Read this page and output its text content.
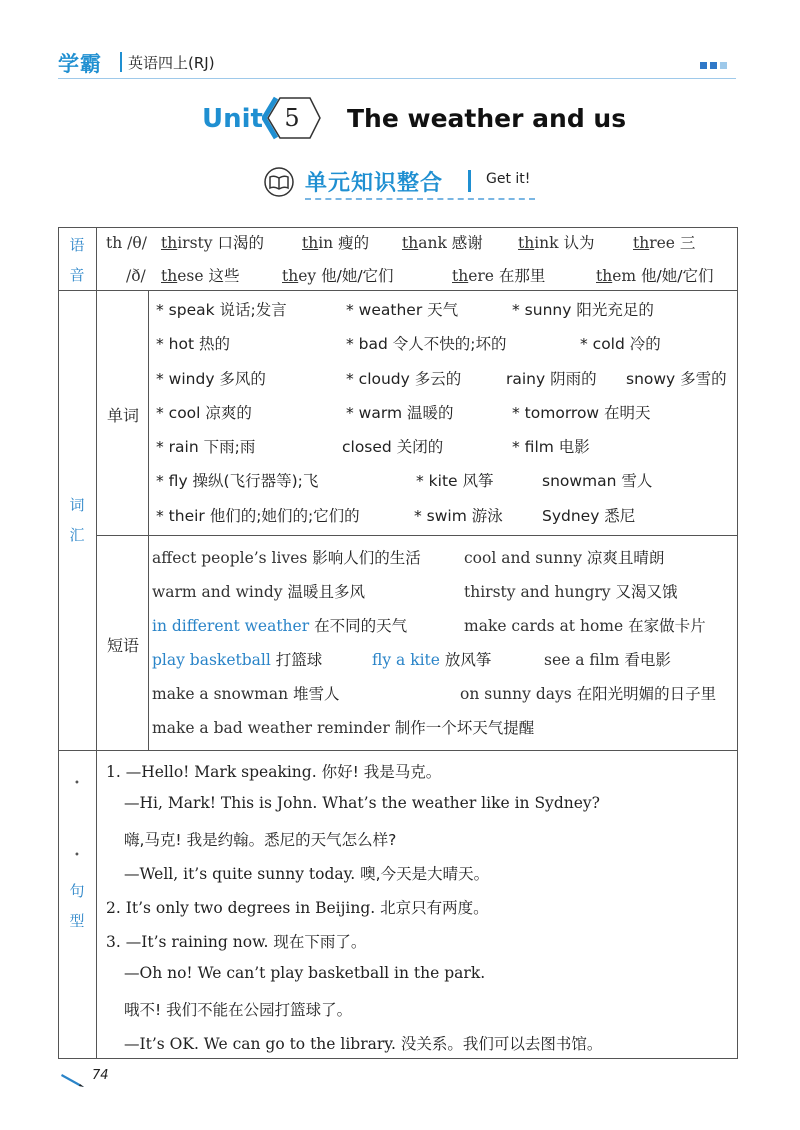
学霸 英语四上(RJ)
Unit 5 The weather and us
单元知识整合	Get it!
语
音
th /θ/ thirsty 口渴的 thin 瘦的 thank 感谢 think 认为 three 三
/ð/ these 这些	they 他/她/它们	there 在那里	them 他/她/它们
词
汇
单词
短语
* speak 说话;发言	* weather 天气	* sunny 阳光充足的
* hot 热的	* bad 令人不快的;坏的	* cold 冷的
* windy 多风的	* cloudy 多云的	rainy 阴雨的 snowy 多雪的
* cool 凉爽的	* warm 温暖的	* tomorrow 在明天
* rain 下雨;雨	closed 关闭的	* film 电影
* fly 操纵(飞行器等);飞	* kite 风筝	snowman 雪人
* their 他们的;她们的;它们的	* swim 游泳	Sydney 悉尼
affect people’s lives 影响人们的生活	cool and sunny 凉爽且晴朗
warm and windy 温暖且多风	thirsty and hungry 又渴又饿
in different weather 在不同的天气	make cards at home 在家做卡片
play basketball 打篮球	fly a kite 放风筝	see a film 看电影
make a snowman 堆雪人	on sunny days 在阳光明媚的日子里
make a bad weather reminder 制作一个坏天气提醒
•
•
句
型
1. —Hello! Mark speaking. 你好! 我是马克。
—Hi, Mark! This is John. What’s the weather like in Sydney?
嗨,马克! 我是约翰。悉尼的天气怎么样?
—Well, it’s quite sunny today. 噢,今天是大晴天。
2. It’s only two degrees in Beijing. 北京只有两度。
3. —It’s raining now. 现在下雨了。
—Oh no! We can’t play basketball in the park.
哦不! 我们不能在公园打篮球了。
—It’s OK. We can go to the library. 没关系。我们可以去图书馆。
74
